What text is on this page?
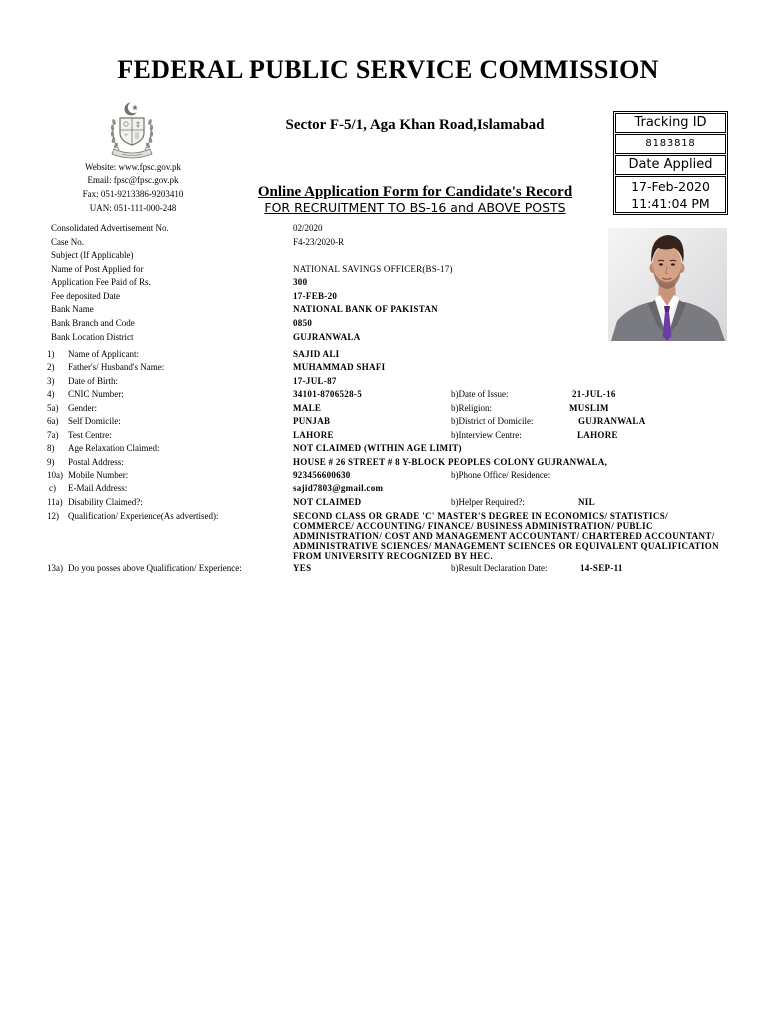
FEDERAL PUBLIC SERVICE COMMISSION
Sector F-5/1, Aga Khan Road,Islamabad
Website: www.fpsc.gov.pk
Email: fpsc@fpsc.gov.pk
Fax: 051-9213386-9203410
UAN: 051-111-000-248
Online Application Form for Candidate's Record
FOR RECRUITMENT TO BS-16 and ABOVE POSTS
Tracking ID
8183818
Date Applied
17-Feb-2020
11:41:04 PM
Consolidated Advertisement No.	02/2020
Case No.	F4-23/2020-R
Subject (If Applicable)
Name of Post Applied for	NATIONAL SAVINGS OFFICER(BS-17)
Application Fee Paid of Rs.	300
Fee deposited Date	17-FEB-20
Bank Name	NATIONAL BANK OF PAKISTAN
Bank Branch and Code	0850
Bank Location District	GUJRANWALA
1) Name of Applicant:	SAJID ALI
2) Father's/ Husband's Name:	MUHAMMAD SHAFI
3) Date of Birth:	17-JUL-87
4) CNIC Number:	34101-8706528-5	b)Date of Issue:	21-JUL-16
5a) Gender:	MALE	b)Religion:	MUSLIM
6a) Self Domicile:	PUNJAB	b)District of Domicile:	GUJRANWALA
7a) Test Centre:	LAHORE	b)Interview Centre:	LAHORE
8) Age Relaxation Claimed:	NOT CLAIMED (WITHIN AGE LIMIT)
9) Postal Address:	HOUSE # 26 STREET # 8 Y-BLOCK PEOPLES COLONY GUJRANWALA,
10a) Mobile Number:	923456600630	b)Phone Office/ Residence:
c) E-Mail Address:	sajid7803@gmail.com
11a) Disability Claimed?:	NOT CLAIMED	b)Helper Required?:	NIL
12) Qualification/ Experience(As advertised):	SECOND CLASS OR GRADE 'C' MASTER'S DEGREE IN ECONOMICS/ STATISTICS/
COMMERCE/ ACCOUNTING/ FINANCE/ BUSINESS ADMINISTRATION/ PUBLIC
ADMINISTRATION/ COST AND MANAGEMENT ACCOUNTANT/ CHARTERED ACCOUNTANT/
ADMINISTRATIVE SCIENCES/ MANAGEMENT SCIENCES OR EQUIVALENT QUALIFICATION
FROM UNIVERSITY RECOGNIZED BY HEC.
13a) Do you posses above Qualification/ Experience:	YES	b)Result Declaration Date:	14-SEP-11
